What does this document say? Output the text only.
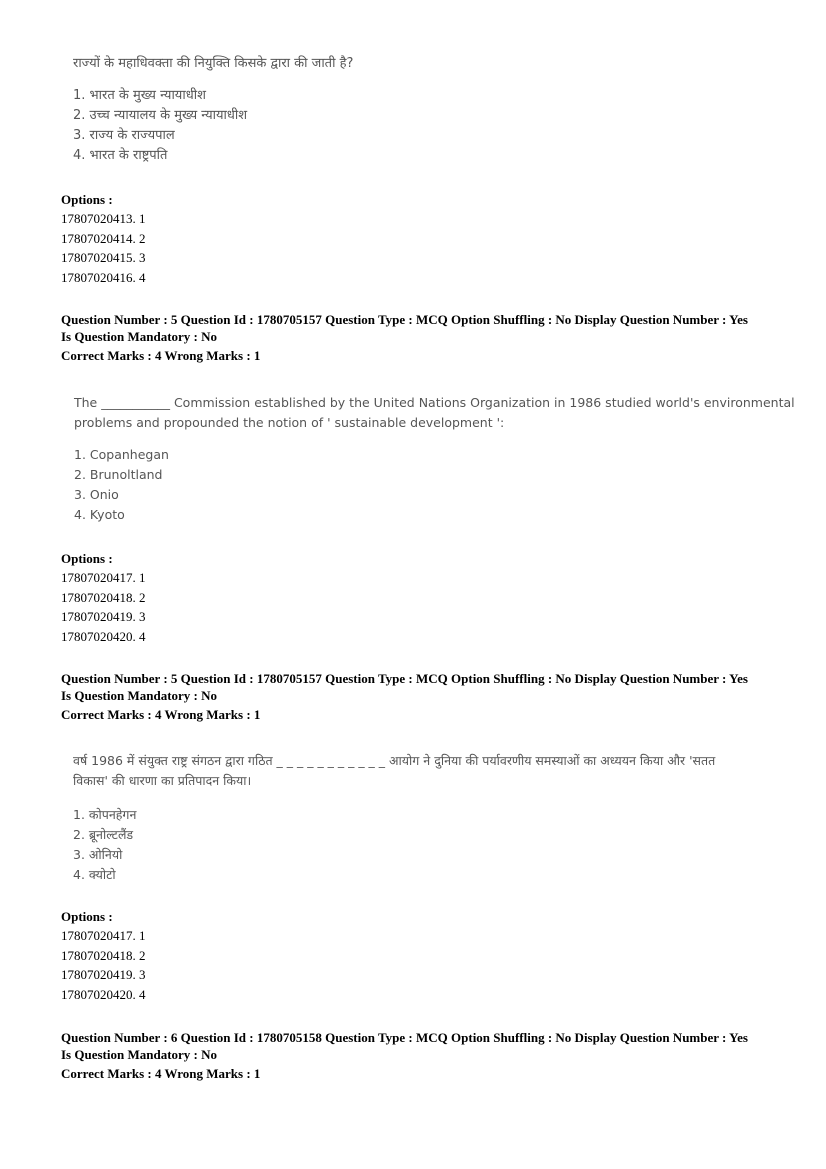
राज्यों के महाधिवक्ता की नियुक्ति किसके द्वारा की जाती है?
1. भारत के मुख्य न्यायाधीश
2. उच्च न्यायालय के मुख्य न्यायाधीश
3. राज्य के राज्यपाल
4. भारत के राष्ट्रपति
Options :
17807020413. 1
17807020414. 2
17807020415. 3
17807020416. 4
Question Number : 5 Question Id : 1780705157 Question Type : MCQ Option Shuffling : No Display Question Number : Yes
Is Question Mandatory : No
Correct Marks : 4 Wrong Marks : 1
The ___________ Commission established by the United Nations Organization in 1986 studied world's environmental
problems and propounded the notion of ' sustainable development ':
1. Copanhegan
2. Brunoltland
3. Onio
4. Kyoto
Options :
17807020417. 1
17807020418. 2
17807020419. 3
17807020420. 4
Question Number : 5 Question Id : 1780705157 Question Type : MCQ Option Shuffling : No Display Question Number : Yes
Is Question Mandatory : No
Correct Marks : 4 Wrong Marks : 1
वर्ष 1986 में संयुक्त राष्ट्र संगठन द्वारा गठित _ _ _ _ _ _ _ _ _ _ _ आयोग ने दुनिया की पर्यावरणीय समस्याओं का अध्ययन किया और 'सतत
विकास' की धारणा का प्रतिपादन किया।
1. कोपनहेगन
2. ब्रूनोल्टलैंड
3. ओनियो
4. क्योटो
Options :
17807020417. 1
17807020418. 2
17807020419. 3
17807020420. 4
Question Number : 6 Question Id : 1780705158 Question Type : MCQ Option Shuffling : No Display Question Number : Yes
Is Question Mandatory : No
Correct Marks : 4 Wrong Marks : 1
